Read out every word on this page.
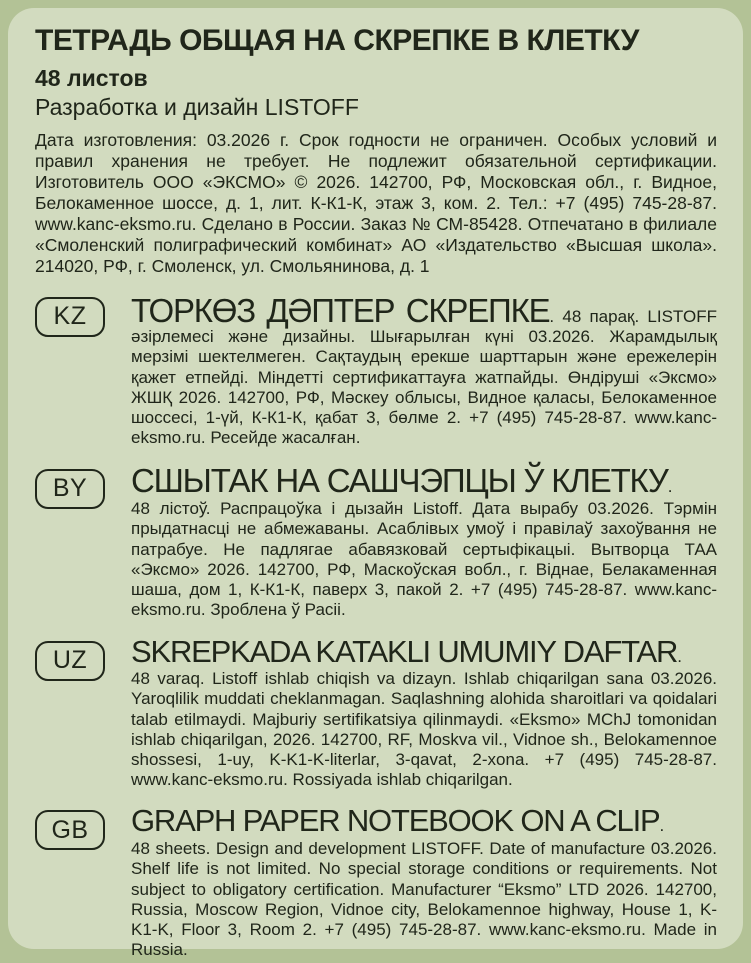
ТЕТРАДЬ ОБЩАЯ НА СКРЕПКЕ В КЛЕТКУ
48 листов
Разработка и дизайн LISTOFF

Дата изготовления: 03.2026 г. Срок годности не ограничен. Особых условий и правил хранения не требует. Не подлежит обязательной сертификации. Изготовитель ООО «ЭКСМО» © 2026. 142700, РФ, Московская обл., г. Видное, Белокаменное шоссе, д. 1, лит. К-К1-К, этаж 3, ком. 2. Тел.: +7 (495) 745-28-87. www.kanc-eksmo.ru. Сделано в России. Заказ № СМ-85428. Отпечатано в филиале «Смоленский полиграфический комбинат» АО «Издательство «Высшая школа». 214020, РФ, г. Смоленск, ул. Смольянинова, д. 1

KZ ТОРКӨЗ ДӘПТЕР СКРЕПКЕ. 48 парақ. LISTOFF әзірлемесі және дизайны. Шығарылған күні 03.2026. Жарамдылық мерзімі шектелмеген. Сақтаудың ерекше шарттарын және ережелерін қажет етпейді. Міндетті сертификаттауға жатпайды. Өндіруші «Эксмо» ЖШҚ 2026. 142700, РФ, Мәскеу облысы, Видное қаласы, Белокаменное шоссесі, 1-үй, К-К1-К, қабат 3, бөлме 2. +7 (495) 745-28-87. www.kanc-eksmo.ru. Ресейде жасалған.

BY СШЫТАК НА САШЧЭПЦЫ Ў КЛЕТКУ.

48 лістоў. Распрацоўка і дызайн Listoff. Дата вырабу 03.2026. Тэрмін прыдатнасці не абмежаваны. Асаблівых умоў і правілаў захоўвання не патрабуе. Не падлягае абавязковай сертыфікацыі. Вытворца ТАА «Эксмо» 2026. 142700, РФ, Маскоўская вобл., г. Віднае, Белакаменная шаша, дом 1, К-К1-К, паверх 3, пакой 2. +7 (495) 745-28-87. www.kanc-eksmo.ru. Зроблена ў Расіі.

UZ SKREPKADA KATAKLI UMUMIY DAFTAR.

48 varaq. Listoff ishlab chiqish va dizayn. Ishlab chiqarilgan sana 03.2026. Yaroqlilik muddati cheklanmagan. Saqlashning alohida sharoitlari va qoidalari talab etilmaydi. Majburiy sertifikatsiya qilinmaydi. «Eksmo» MChJ tomonidan ishlab chiqarilgan, 2026. 142700, RF, Moskva vil., Vidnoe sh., Belokamennoe shossesi, 1-uy, K-K1-K-literlar, 3-qavat, 2-xona. +7 (495) 745-28-87. www.kanc-eksmo.ru. Rossiyada ishlab chiqarilgan.

GB GRAPH PAPER NOTEBOOK ON A CLIP.

48 sheets. Design and development LISTOFF. Date of manufacture 03.2026. Shelf life is not limited. No special storage conditions or requirements. Not subject to obligatory certification. Manufacturer “Eksmo” LTD 2026. 142700, Russia, Moscow Region, Vidnoe city, Belokamennoe highway, House 1, K-K1-K, Floor 3, Room 2. +7 (495) 745-28-87. www.kanc-eksmo.ru. Made in Russia.
